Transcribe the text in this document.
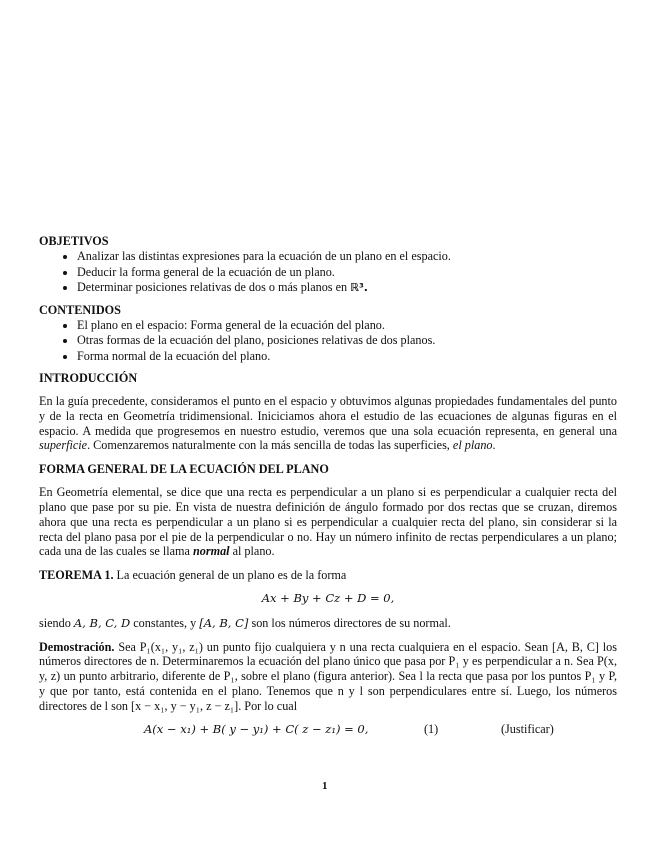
OBJETIVOS
• Analizar las distintas expresiones para la ecuación de un plano en el espacio.
• Deducir la forma general de la ecuación de un plano.
• Determinar posiciones relativas de dos o más planos en ℝ³.
CONTENIDOS
• El plano en el espacio: Forma general de la ecuación del plano.
• Otras formas de la ecuación del plano, posiciones relativas de dos planos.
• Forma normal de la ecuación del plano.
INTRODUCCIÓN

En la guía precedente, consideramos el punto en el espacio y obtuvimos algunas propiedades fundamentales del punto y de la recta en Geometría tridimensional. Iniciciamos ahora el estudio de las ecuaciones de algunas figuras en el espacio. A medida que progresemos en nuestro estudio, veremos que una sola ecuación representa, en general una superficie. Comenzaremos naturalmente con la más sencilla de todas las superficies, el plano.

FORMA GENERAL DE LA ECUACIÓN DEL PLANO

En Geometría elemental, se dice que una recta es perpendicular a un plano si es perpendicular a cualquier recta del plano que pase por su pie. En vista de nuestra definición de ángulo formado por dos rectas que se cruzan, diremos ahora que una recta es perpendicular a un plano si es perpendicular a cualquier recta del plano, sin considerar si la recta del plano pasa por el pie de la perpendicular o no. Hay un número infinito de rectas perpendiculares a un plano; cada una de las cuales se llama normal al plano.

TEOREMA 1. La ecuación general de un plano es de la forma

Ax + By + Cz + D = 0,

siendo A, B, C, D constantes, y [A, B, C] son los números directores de su normal.

Demostración. Sea P₁(x₁, y₁, z₁) un punto fijo cualquiera y n una recta cualquiera en el espacio. Sean [A, B, C] los números directores de n. Determinaremos la ecuación del plano único que pasa por P₁ y es perpendicular a n. Sea P(x, y, z) un punto arbitrario, diferente de P₁, sobre el plano (figura anterior). Sea l la recta que pasa por los puntos P₁ y P, y que por tanto, está contenida en el plano. Tenemos que n y l son perpendiculares entre sí. Luego, los números directores de l son [x − x₁, y − y₁, z − z₁]. Por lo cual

A(x − x₁) + B( y − y₁) + C( z − z₁) = 0,	(1)	(Justificar)
1
